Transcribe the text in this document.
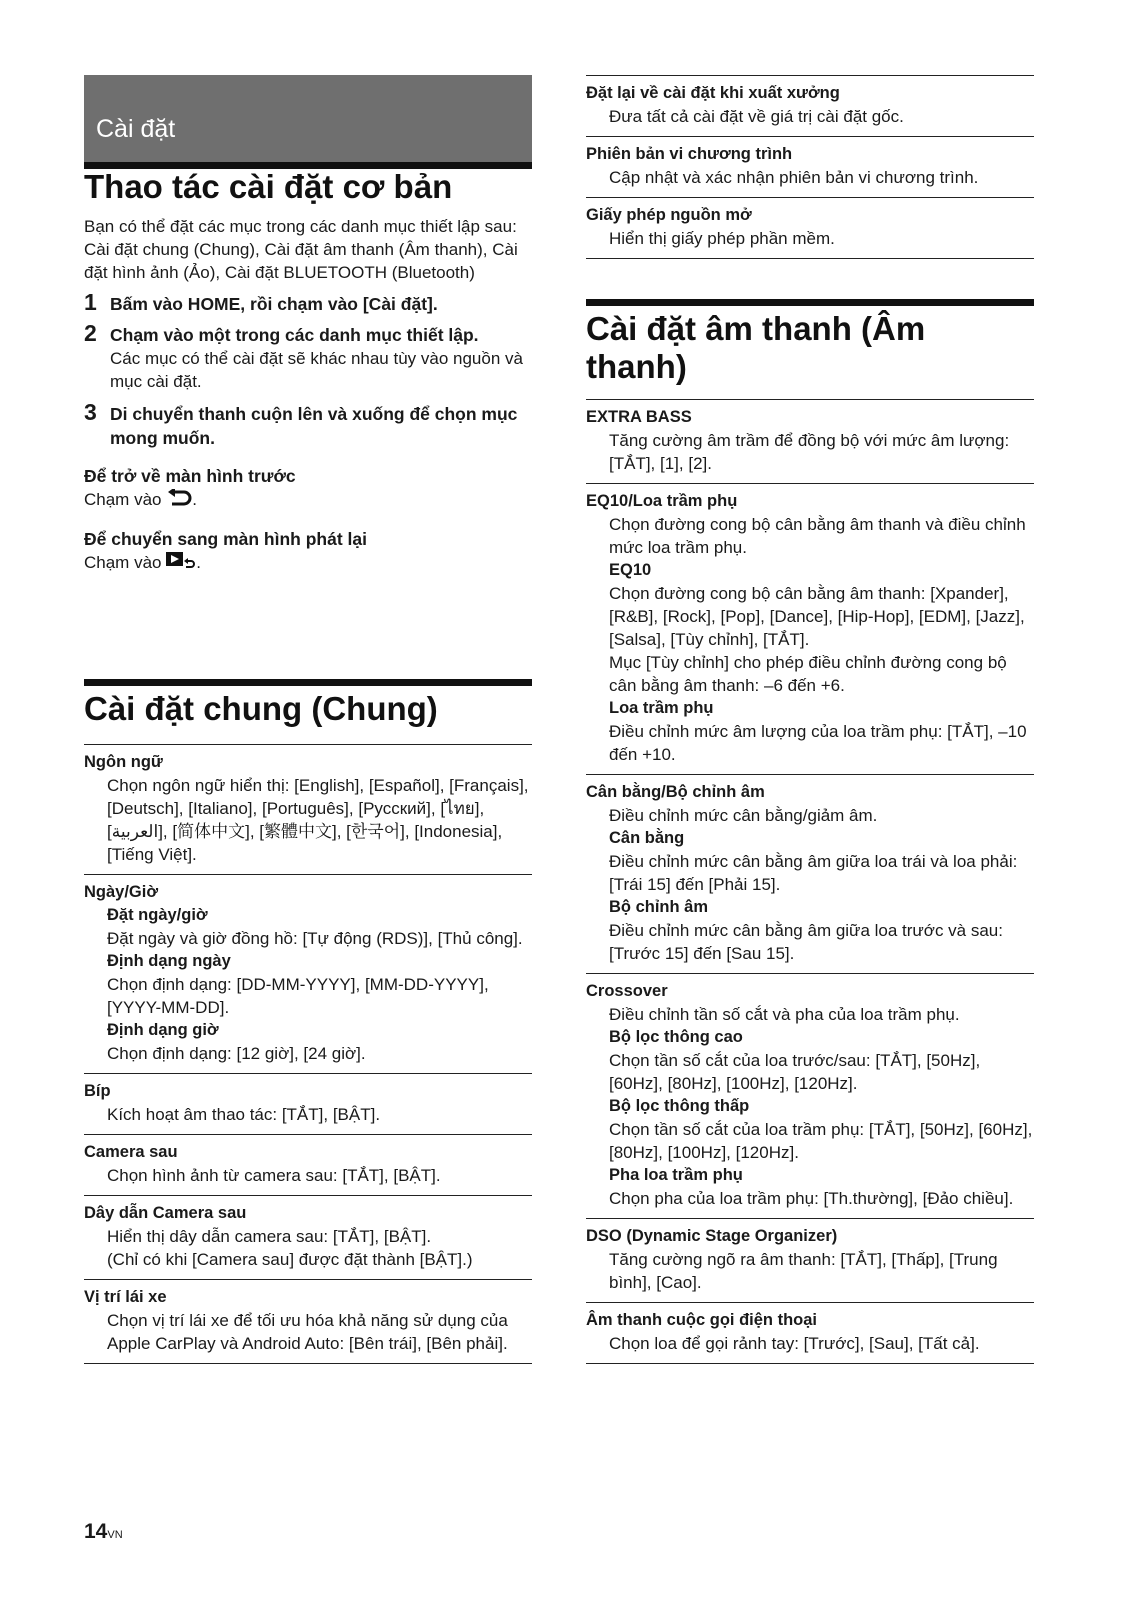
Cài đặt
Thao tác cài đặt cơ bản
Bạn có thể đặt các mục trong các danh mục thiết lập sau:
Cài đặt chung (Chung), Cài đặt âm thanh (Âm thanh), Cài đặt hình ảnh (Ảo), Cài đặt BLUETOOTH (Bluetooth)
1 Bấm vào HOME, rồi chạm vào [Cài đặt].
2 Chạm vào một trong các danh mục thiết lập.
Các mục có thể cài đặt sẽ khác nhau tùy vào nguồn và mục cài đặt.
3 Di chuyển thanh cuộn lên và xuống để chọn mục mong muốn.
Để trở về màn hình trước
Chạm vào .
Để chuyển sang màn hình phát lại
Chạm vào .
Cài đặt chung (Chung)
Ngôn ngữ
Chọn ngôn ngữ hiển thị: [English], [Español], [Français], [Deutsch], [Italiano], [Português], [Русский], [ไทย], [العربية], [简体中文], [繁體中文], [한국어], [Indonesia], [Tiếng Việt].
Ngày/Giờ
Đặt ngày/giờ
Đặt ngày và giờ đồng hồ: [Tự động (RDS)], [Thủ công].
Định dạng ngày
Chọn định dạng: [DD-MM-YYYY], [MM-DD-YYYY], [YYYY-MM-DD].
Định dạng giờ
Chọn định dạng: [12 giờ], [24 giờ].
Bíp
Kích hoạt âm thao tác: [TẮT], [BẬT].
Camera sau
Chọn hình ảnh từ camera sau: [TẮT], [BẬT].
Dây dẫn Camera sau
Hiển thị dây dẫn camera sau: [TẮT], [BẬT].
(Chỉ có khi [Camera sau] được đặt thành [BẬT].)
Vị trí lái xe
Chọn vị trí lái xe để tối ưu hóa khả năng sử dụng của Apple CarPlay và Android Auto: [Bên trái], [Bên phải].
Đặt lại về cài đặt khi xuất xưởng
Đưa tất cả cài đặt về giá trị cài đặt gốc.
Phiên bản vi chương trình
Cập nhật và xác nhận phiên bản vi chương trình.
Giấy phép nguồn mở
Hiển thị giấy phép phần mềm.
Cài đặt âm thanh (Âm thanh)
EXTRA BASS
Tăng cường âm trầm để đồng bộ với mức âm lượng: [TẮT], [1], [2].
EQ10/Loa trầm phụ
Chọn đường cong bộ cân bằng âm thanh và điều chỉnh mức loa trầm phụ.
EQ10
Chọn đường cong bộ cân bằng âm thanh: [Xpander], [R&B], [Rock], [Pop], [Dance], [Hip-Hop], [EDM], [Jazz], [Salsa], [Tùy chỉnh], [TẮT].
Mục [Tùy chỉnh] cho phép điều chỉnh đường cong bộ cân bằng âm thanh: –6 đến +6.
Loa trầm phụ
Điều chỉnh mức âm lượng của loa trầm phụ: [TẮT], –10 đến +10.
Cân bằng/Bộ chỉnh âm
Điều chỉnh mức cân bằng/giảm âm.
Cân bằng
Điều chỉnh mức cân bằng âm giữa loa trái và loa phải: [Trái 15] đến [Phải 15].
Bộ chỉnh âm
Điều chỉnh mức cân bằng âm giữa loa trước và sau: [Trước 15] đến [Sau 15].
Crossover
Điều chỉnh tần số cắt và pha của loa trầm phụ.
Bộ lọc thông cao
Chọn tần số cắt của loa trước/sau: [TẮT], [50Hz], [60Hz], [80Hz], [100Hz], [120Hz].
Bộ lọc thông thấp
Chọn tần số cắt của loa trầm phụ: [TẮT], [50Hz], [60Hz], [80Hz], [100Hz], [120Hz].
Pha loa trầm phụ
Chọn pha của loa trầm phụ: [Th.thường], [Đảo chiều].
DSO (Dynamic Stage Organizer)
Tăng cường ngõ ra âm thanh: [TẮT], [Thấp], [Trung bình], [Cao].
Âm thanh cuộc gọi điện thoại
Chọn loa để gọi rảnh tay: [Trước], [Sau], [Tất cả].
14VN
